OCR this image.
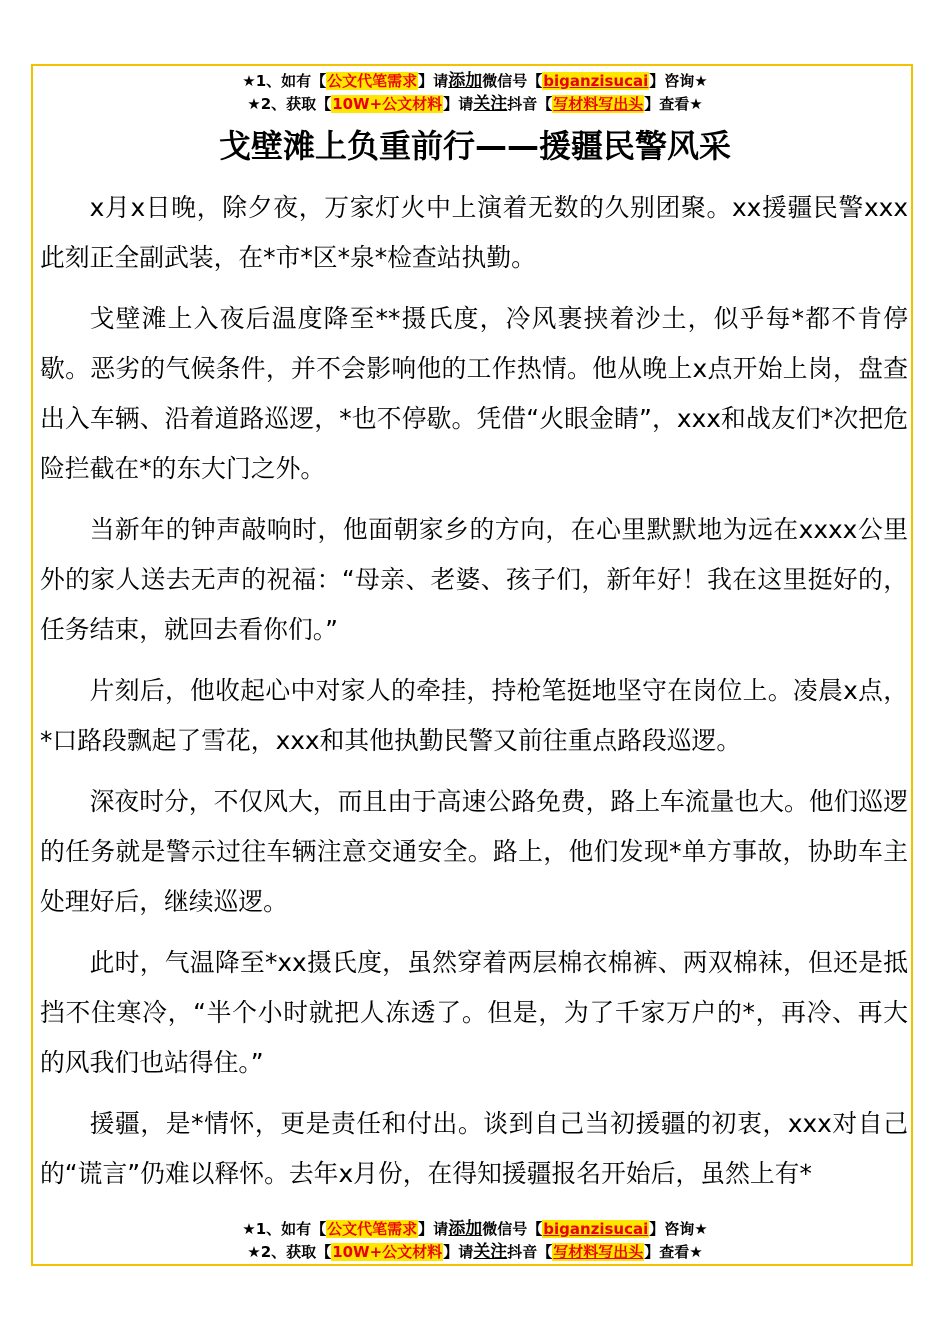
★1、如有【公文代笔需求】请添加微信号【biganzisucai】咨询★
★2、获取【10W+公文材料】请关注抖音【写材料写出头】查看★
戈壁滩上负重前行——援疆民警风采

x月x日晚，除夕夜，万家灯火中上演着无数的久别团聚。xx援疆民警xxx此刻正全副武装，在*市*区*泉*检查站执勤。

戈壁滩上入夜后温度降至**摄氏度，冷风裹挟着沙土，似乎每*都不肯停歇。恶劣的气候条件，并不会影响他的工作热情。他从晚上x点开始上岗，盘查出入车辆、沿着道路巡逻，*也不停歇。凭借“火眼金睛”，xxx和战友们*次把危险拦截在*的东大门之外。

当新年的钟声敲响时，他面朝家乡的方向，在心里默默地为远在xxxx公里外的家人送去无声的祝福：“母亲、老婆、孩子们，新年好！我在这里挺好的，任务结束，就回去看你们。”

片刻后，他收起心中对家人的牵挂，持枪笔挺地坚守在岗位上。凌晨x点，*口路段飘起了雪花，xxx和其他执勤民警又前往重点路段巡逻。

深夜时分，不仅风大，而且由于高速公路免费，路上车流量也大。他们巡逻的任务就是警示过往车辆注意交通安全。路上，他们发现*单方事故，协助车主处理好后，继续巡逻。

此时，气温降至*xx摄氏度，虽然穿着两层棉衣棉裤、两双棉袜，但还是抵挡不住寒冷，“半个小时就把人冻透了。但是，为了千家万户的*，再冷、再大的风我们也站得住。”

援疆，是*情怀，更是责任和付出。谈到自己当初援疆的初衷，xxx对自己的“谎言”仍难以释怀。去年x月份，在得知援疆报名开始后，虽然上有*

★1、如有【公文代笔需求】请添加微信号【biganzisucai】咨询★
★2、获取【10W+公文材料】请关注抖音【写材料写出头】查看★
